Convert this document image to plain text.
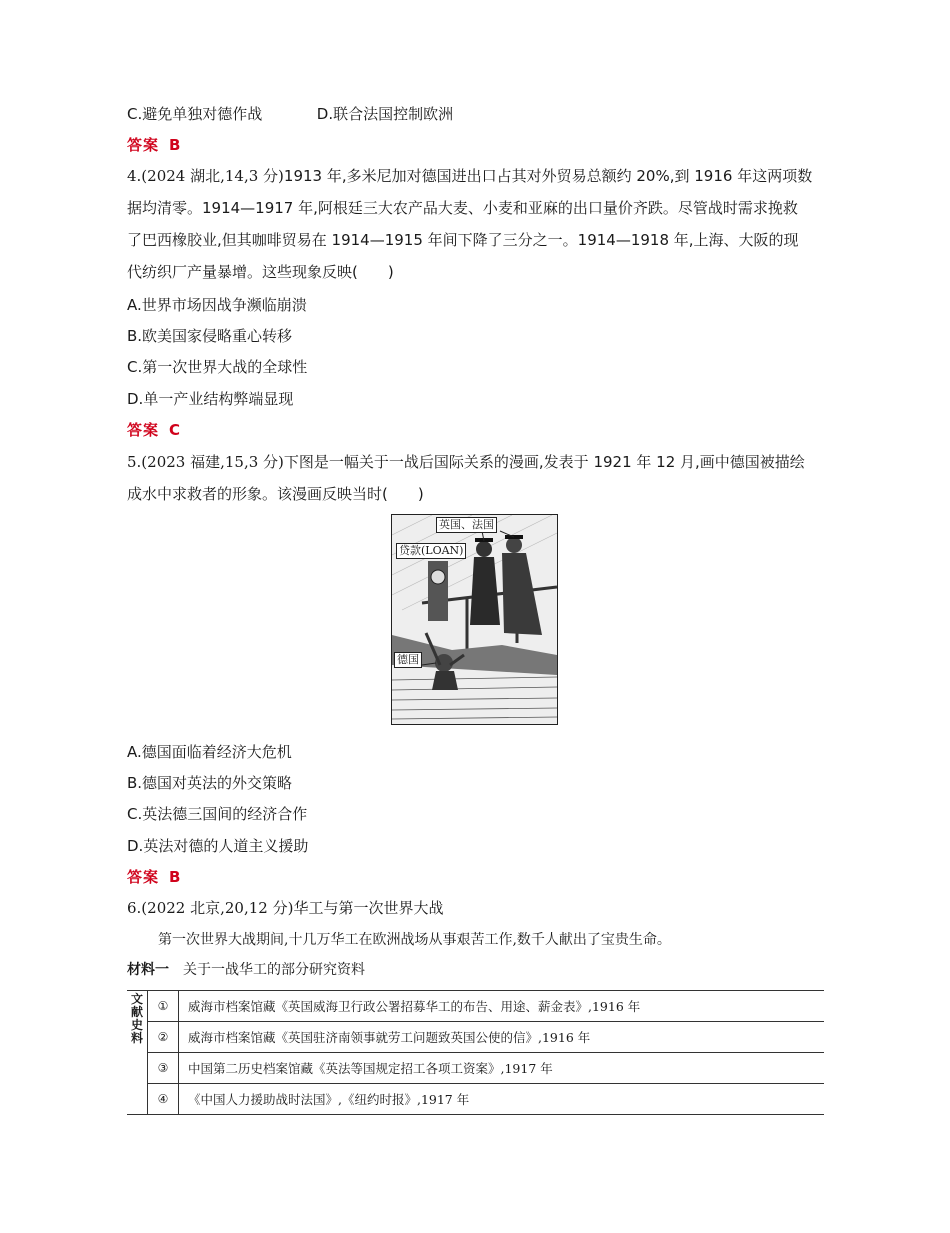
C.避免单独对德作战	D.联合法国控制欧洲
答案 B
4.(2024 湖北,14,3 分)1913 年,多米尼加对德国进出口占其对外贸易总额约 20%,到 1916 年这两项数
据均清零。1914—1917 年,阿根廷三大农产品大麦、小麦和亚麻的出口量价齐跌。尽管战时需求挽救
了巴西橡胶业,但其咖啡贸易在 1914—1915 年间下降了三分之一。1914—1918 年,上海、大阪的现
代纺织厂产量暴增。这些现象反映(　　)
A.世界市场因战争濒临崩溃
B.欧美国家侵略重心转移
C.第一次世界大战的全球性
D.单一产业结构弊端显现
答案 C
5.(2023 福建,15,3 分)下图是一幅关于一战后国际关系的漫画,发表于 1921 年 12 月,画中德国被描绘
成水中求救者的形象。该漫画反映当时(　　)
英国、法国
贷款(LOAN)
德国
A.德国面临着经济大危机
B.德国对英法的外交策略
C.英法德三国间的经济合作
D.英法对德的人道主义援助
答案 B
6.(2022 北京,20,12 分)华工与第一次世界大战
第一次世界大战期间,十几万华工在欧洲战场从事艰苦工作,数千人献出了宝贵生命。
材料一 关于一战华工的部分研究资料
文
献
史
料	①	威海市档案馆藏《英国威海卫行政公署招募华工的布告、用途、薪金表》,1916 年
	②	威海市档案馆藏《英国驻济南领事就劳工问题致英国公使的信》,1916 年
	③	中国第二历史档案馆藏《英法等国规定招工各项工资案》,1917 年
	④	《中国人力援助战时法国》,《纽约时报》,1917 年
